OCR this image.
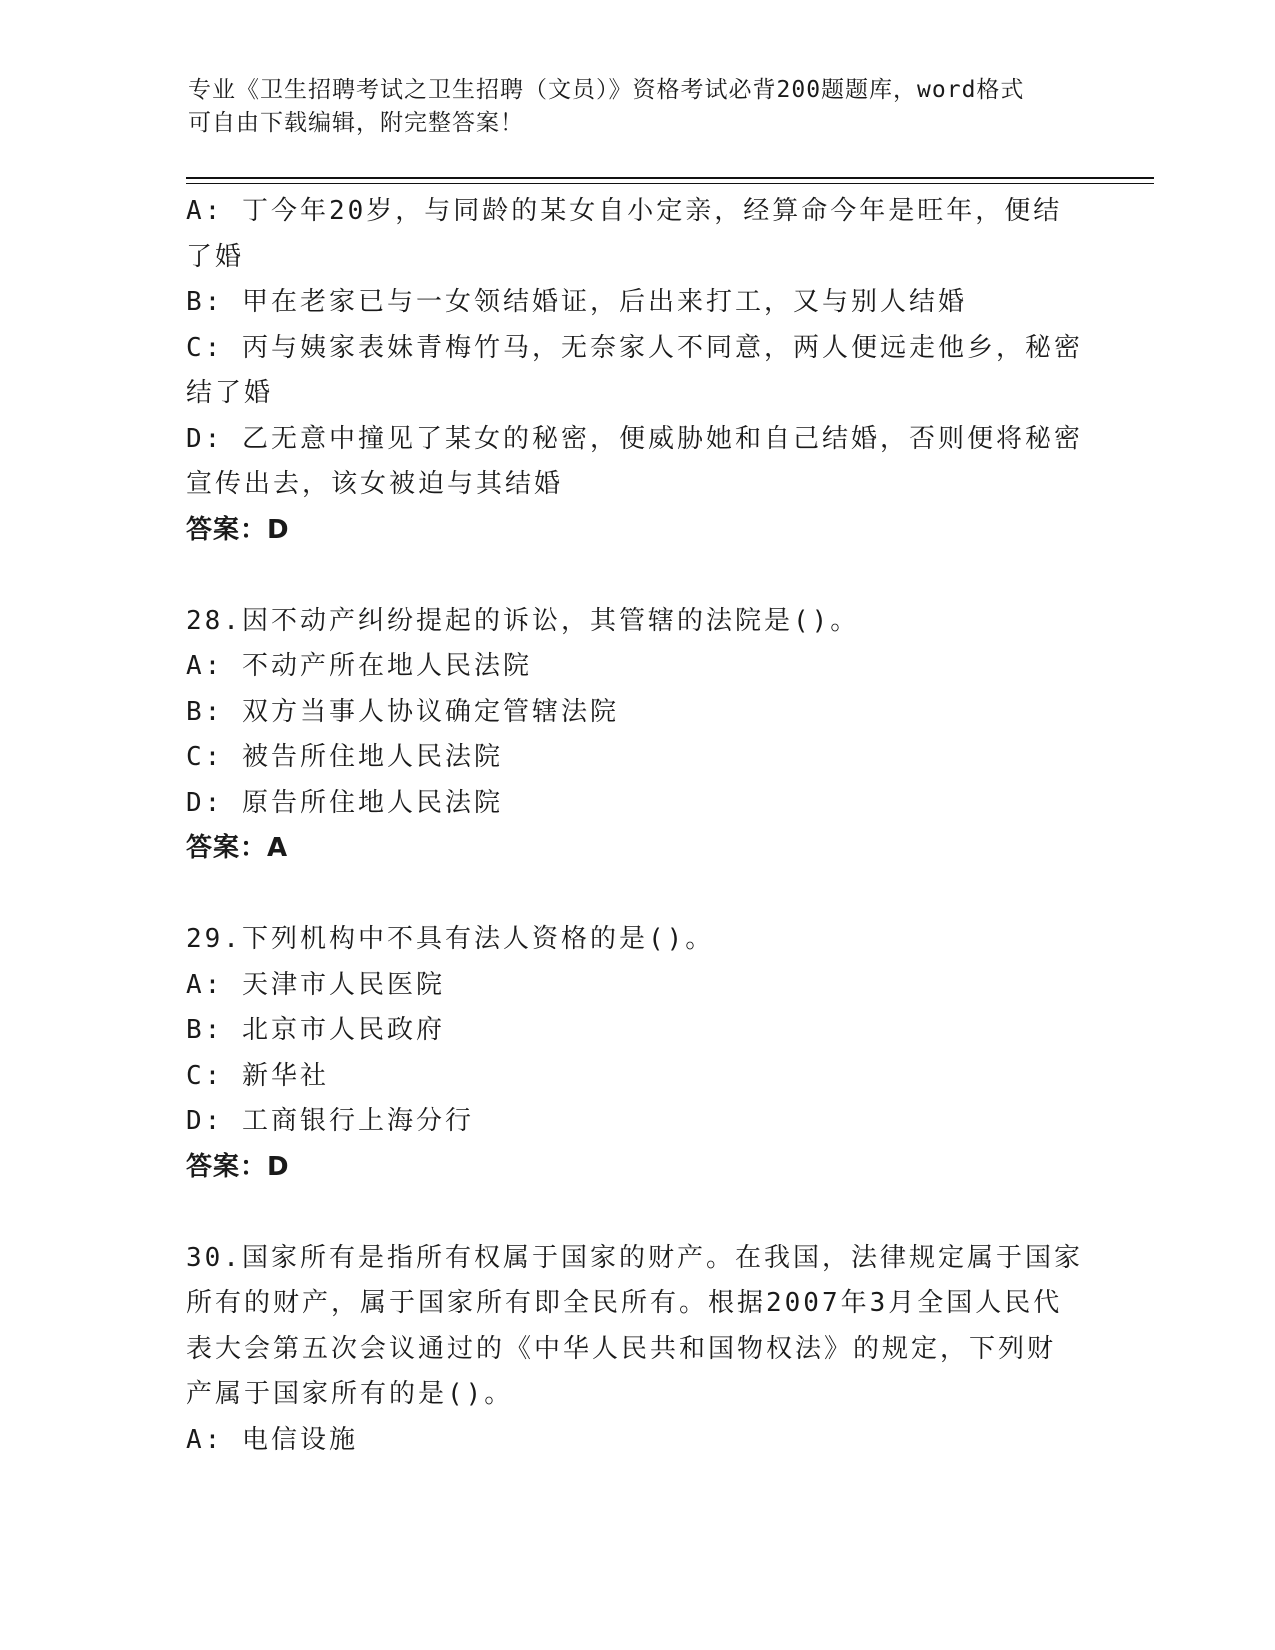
专业《卫生招聘考试之卫生招聘（文员）》资格考试必背200题题库，word格式
可自由下载编辑，附完整答案！
A: 丁今年20岁，与同龄的某女自小定亲，经算命今年是旺年，便结
了婚
B: 甲在老家已与一女领结婚证，后出来打工，又与别人结婚
C: 丙与姨家表妹青梅竹马，无奈家人不同意，两人便远走他乡，秘密
结了婚
D: 乙无意中撞见了某女的秘密，便威胁她和自己结婚，否则便将秘密
宣传出去，该女被迫与其结婚
答案：D
28.因不动产纠纷提起的诉讼，其管辖的法院是()。
A: 不动产所在地人民法院
B: 双方当事人协议确定管辖法院
C: 被告所住地人民法院
D: 原告所住地人民法院
答案：A
29.下列机构中不具有法人资格的是()。
A: 天津市人民医院
B: 北京市人民政府
C: 新华社
D: 工商银行上海分行
答案：D
30.国家所有是指所有权属于国家的财产。在我国，法律规定属于国家
所有的财产，属于国家所有即全民所有。根据2007年3月全国人民代
表大会第五次会议通过的《中华人民共和国物权法》的规定，下列财
产属于国家所有的是()。
A: 电信设施
